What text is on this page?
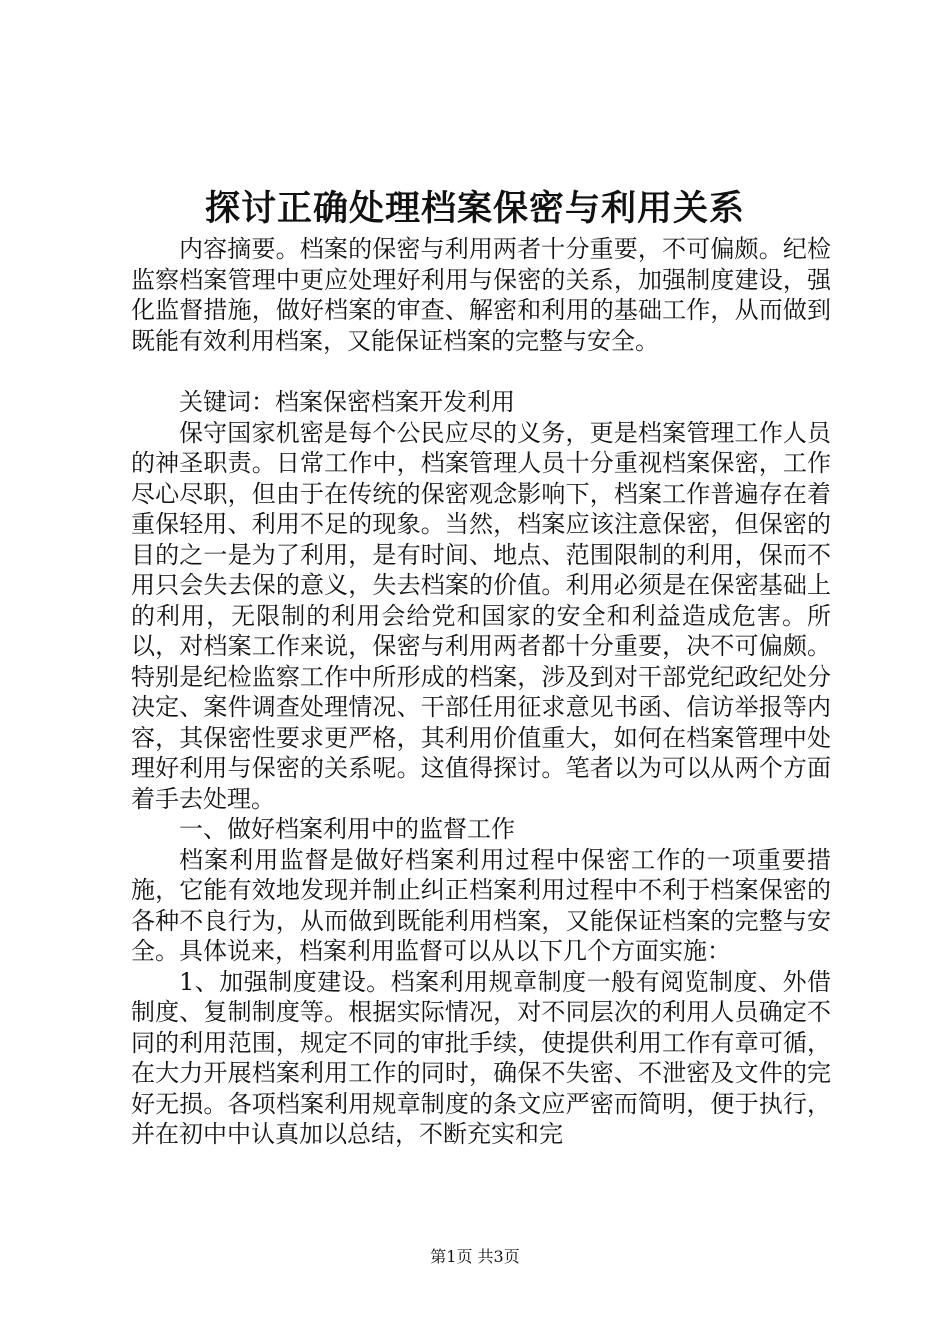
探讨正确处理档案保密与利用关系

内容摘要。档案的保密与利用两者十分重要，不可偏颇。纪检监察档案管理中更应处理好利用与保密的关系，加强制度建设，强化监督措施，做好档案的审查、解密和利用的基础工作，从而做到既能有效利用档案，又能保证档案的完整与安全。

关键词：档案保密档案开发利用

保守国家机密是每个公民应尽的义务，更是档案管理工作人员的神圣职责。日常工作中，档案管理人员十分重视档案保密，工作尽心尽职，但由于在传统的保密观念影响下，档案工作普遍存在着重保轻用、利用不足的现象。当然，档案应该注意保密，但保密的目的之一是为了利用，是有时间、地点、范围限制的利用，保而不用只会失去保的意义，失去档案的价值。利用必须是在保密基础上的利用，无限制的利用会给党和国家的安全和利益造成危害。所以，对档案工作来说，保密与利用两者都十分重要，决不可偏颇。特别是纪检监察工作中所形成的档案，涉及到对干部党纪政纪处分决定、案件调查处理情况、干部任用征求意见书函、信访举报等内容，其保密性要求更严格，其利用价值重大，如何在档案管理中处理好利用与保密的关系呢。这值得探讨。笔者以为可以从两个方面着手去处理。

一、做好档案利用中的监督工作

档案利用监督是做好档案利用过程中保密工作的一项重要措施，它能有效地发现并制止纠正档案利用过程中不利于档案保密的各种不良行为，从而做到既能利用档案，又能保证档案的完整与安全。具体说来，档案利用监督可以从以下几个方面实施：

1、加强制度建设。档案利用规章制度一般有阅览制度、外借制度、复制制度等。根据实际情况，对不同层次的利用人员确定不同的利用范围，规定不同的审批手续，使提供利用工作有章可循，在大力开展档案利用工作的同时，确保不失密、不泄密及文件的完好无损。各项档案利用规章制度的条文应严密而简明，便于执行，并在初中中认真加以总结，不断充实和完

第1页 共3页
